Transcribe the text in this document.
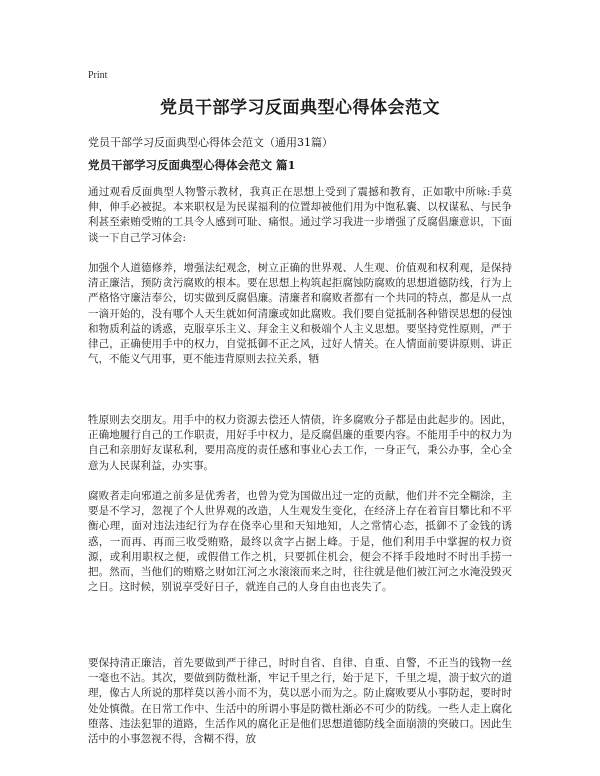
Print
党员干部学习反面典型心得体会范文

党员干部学习反面典型心得体会范文（通用31篇）

党员干部学习反面典型心得体会范文 篇1

通过观看反面典型人物警示教材，我真正在思想上受到了震撼和教育，正如歌中所咏:手莫伸，伸手必被捉。本来职权是为民谋福利的位置却被他们用为中饱私囊、以权谋私、与民争利甚至索贿受贿的工具令人感到可耻、痛恨。通过学习我进一步增强了反腐倡廉意识，下面谈一下自己学习体会:

加强个人道德修养，增强法纪观念，树立正确的世界观、人生观、价值观和权利观，是保持清正廉洁，预防贪污腐败的根本。要在思想上构筑起拒腐蚀防腐败的思想道德防线，行为上严格恪守廉洁奉公，切实做到反腐倡廉。清廉者和腐败者都有一个共同的特点，都是从一点一滴开始的，没有哪个人天生就如何清廉或如此腐败。我们要自觉抵制各种错误思想的侵蚀和物质利益的诱惑，克服享乐主义、拜金主义和极端个人主义思想。要坚持党性原则，严于律己，正确使用手中的权力，自觉抵御不正之风，过好人情关。在人情面前要讲原则、讲正气，不能义气用事，更不能违背原则去拉关系，牺

牲原则去交朋友。用手中的权力资源去偿还人情债，许多腐败分子都是由此起步的。因此，正确地履行自己的工作职责，用好手中权力，是反腐倡廉的重要内容。不能用手中的权力为自己和亲朋好友谋私利，要用高度的责任感和事业心去工作，一身正气，秉公办事，全心全意为人民谋利益，办实事。

腐败者走向邪道之前多是优秀者，也曾为党为国做出过一定的贡献，他们并不完全糊涂，主要是不学习，忽视了个人世界观的改造，人生观发生变化，在经济上存在着盲目攀比和不平衡心理，面对违法违纪行为存在侥幸心里和天知地知，人之常情心态，抵御不了金钱的诱惑，一而再、再而三收受贿赂，最终以贪字占据上峰。于是，他们利用手中掌握的权力资源，或利用职权之便，或假借工作之机，只要抓住机会，便会不择手段地时不时出手捞一把。然而，当他们的贿赂之财如江河之水滚滚而来之时，往往就是他们被江河之水淹没毁灭之日。这时候，别说享受好日子，就连自己的人身自由也丧失了。

要保持清正廉洁，首先要做到严于律己，时时自省、自律、自重、自警，不正当的钱物一丝一毫也不沾。其次，要做到防微杜渐，牢记千里之行，始于足下，千里之堤，溃于蚁穴的道理，像古人所说的那样莫以善小而不为，莫以恶小而为之。防止腐败要从小事防起，要时时处处慎微。在日常工作中、生活中的所谓小事是防微杜渐必不可少的防线。一些人走上腐化堕落、违法犯罪的道路，生活作风的腐化正是他们思想道德防线全面崩溃的突破口。因此生活中的小事忽视不得，含糊不得，放
